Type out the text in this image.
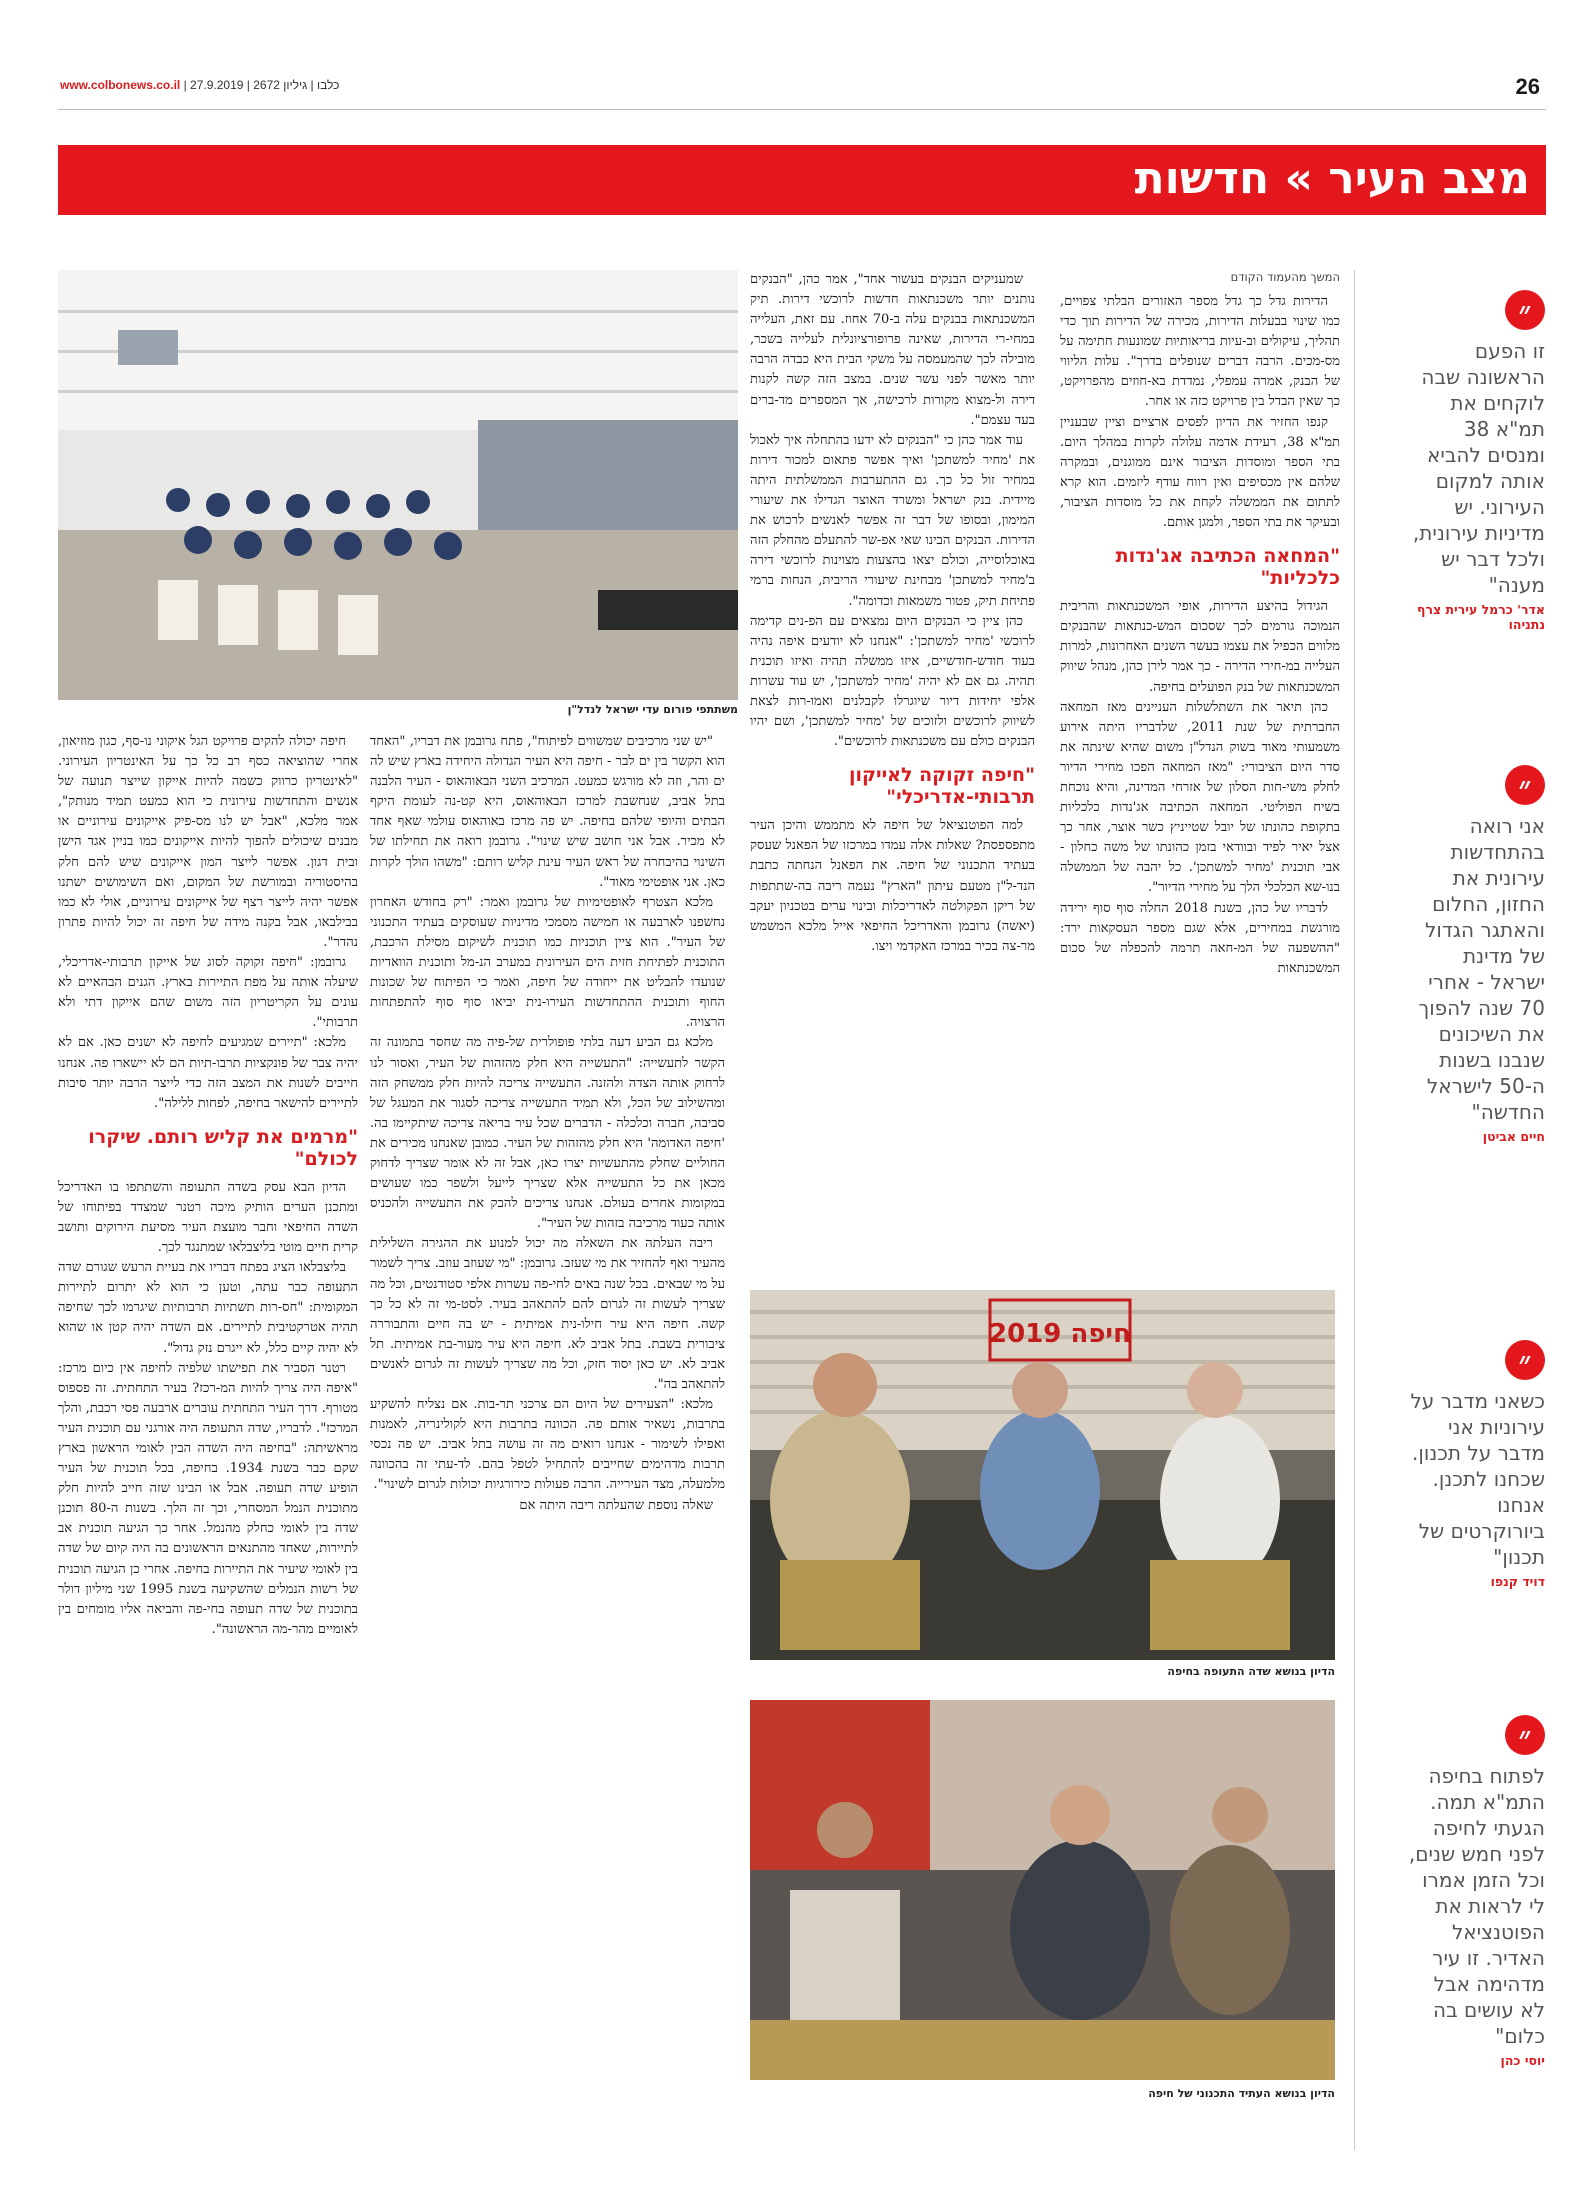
26
www.colbonews.co.il | כלבו | גיליון 2672 | 27.9.2019
מצב העיר » חדשות
״
זו הפעם הראשונה שבה לוקחים את תמ"א 38 ומנסים להביא אותה למקום העירוני. יש מדיניות עירונית, ולכל דבר יש מענה"
אדר' כרמל עירית צרף נתניהו
״
אני רואה בהתחדשות עירונית את החזון, החלום והאתגר הגדול של מדינת ישראל - אחרי 70 שנה להפוך את השיכונים שנבנו בשנות ה-50 לישראל החדשה"
חיים אביטן
״
כשאני מדבר על עירוניות אני מדבר על תכנון. שכחנו לתכנן. אנחנו ביורוקרטים של תכנון"
דויד קנפו
״
לפתוח בחיפה התמ"א תמה. הגעתי לחיפה לפני חמש שנים, וכל הזמן אמרו לי לראות את הפוטנציאל האדיר. זו עיר מדהימה אבל לא עושים בה כלום"
יוסי כהן
המשך מהעמוד הקודם

הדירות גדל כך גדל מספר האזורים הבלתי צפויים, כמו שינוי בבעלות הדירות, מכירה של הדירות תוך כדי תהליך, עיקולים וב-עיות בריאותיות שמונעות חתימה על מס-מכים. הרבה דברים שנופלים בדרך". עלות הליווי של הבנק, אמרה עמפלי, נמדדת בא-חוזים מהפרויקט, כך שאין הבדל בין פרויקט כזה או אחר.

קנפו החזיר את הדיון לפסים ארציים וציין שבעניין תמ"א 38, רעידת אדמה עלולה לקרות במהלך היום. בתי הספר ומוסדות הציבור אינם ממוגנים, ובמקרה שלהם אין מכסיפים ואין רווח עודף ליזמים. הוא קרא לתתום את הממשלה לקחת את כל מוסדות הציבור, ובעיקר את בתי הספר, ולמגן אותם.

"המחאה הכתיבה אג'נדות כלכליות"

הגידול בהיצע הדירות, אופי המשכנתאות והריבית הנמוכה גורמים לכך שסכום המש-כנתאות שהבנקים מלווים הכפיל את עצמו בעשר השנים האחרונות, למרות העלייה במ-חירי הדירה - כך אמר לירן כהן, מנהל שיווק המשכנתאות של בנק הפועלים בחיפה.

כהן תיאר את השתלשלות העניינים מאז המחאה החברתית של שנת 2011, שלדבריו היתה אירוע משמעותי מאוד בשוק הנדל"ן משום שהיא שינתה את סדר היום הציבורי: "מאז המחאה הפכו מחירי הדיור לחלק משי-חות הסלון של אזרחי המדינה, והיא נוכחת בשיח הפוליטי. המחאה הכתיבה אג'נדות כלכליות בתקופת כהונתו של יובל שטייניץ כשר אוצר, אחר כך אצל יאיר לפיד ובוודאי בזמן כהונתו של משה כחלון - אבי תוכנית 'מחיר למשתכן'. כל יהבה של הממשלה בנו-שא הכלכלי הלך על מחירי הדיור".

לדבריו של כהן, בשנת 2018 החלה סוף סוף ירידה מורגשת במחירים, אלא שגם מספר העסקאות ירד: "ההשפעה של המ-חאה תרמה להכפלה של סכום המשכנתאות

שמעניקים הבנקים בעשור אחד", אמר כהן, "הבנקים נותנים יותר משכנתאות חדשות לרוכשי דירות. תיק המשכנתאות בבנקים עלה ב-70 אחוז. עם זאת, העלייה במחי-רי הדירות, שאינה פרופורציונלית לעלייה בשכר, מובילה לכך שהמעמסה על משקי הבית היא כבדה הרבה יותר מאשר לפני עשר שנים. במצב הזה קשה לקנות דירה ול-מצוא מקורות לרכישה, אך המספרים מד-ברים בעד עצמם".

עוד אמר כהן כי "הבנקים לא ידעו בהתחלה איך לאכול את 'מחיר למשתכן' ואיך אפשר פתאום למכור דירות במחיר זול כל כך. גם ההתערבות הממשלתית היתה מיידית. בנק ישראל ומשרד האוצר הגדילו את שיעורי המימון, ובסופו של דבר זה אפשר לאנשים לרכוש את הדירות. הבנקים הבינו שאי אפ-שר להתעלם מהחלק הזה באוכלוסייה, וכולם יצאו בהצעות מצוינות לרוכשי דירה ב'מחיר למשתכן' מבחינת שיעורי הריבית, הנחות ברמי פתיחת תיק, פטור משמאות וכדומה".

כהן ציין כי הבנקים היום נמצאים עם הפ-נים קדימה לרוכשי 'מחיר למשתכן': "אנחנו לא יודעים איפה נהיה בעוד חודש-חודשיים, איזו ממשלה תהיה ואיזו תוכנית תהיה. גם אם לא יהיה 'מחיר למשתכן', יש עוד עשרות אלפי יחידות דיור שיוגרלו לקבלנים ואמו-רות לצאת לשיווק לרוכשים ולזוכים של 'מחיר למשתכן', ושם יהיו הבנקים כולם עם משכנתאות לרוכשים".

"חיפה זקוקה לאייקון תרבותי-אדריכלי"

למה הפוטנציאל של חיפה לא מתממש והיכן העיר מתפספסת? שאלות אלה עמדו במרכזו של הפאנל שעסק בעתיד התכנוני של חיפה. את הפאנל הנחתה כתבת הנד-ל"ן מטעם עיתון "הארץ" נעמה ריבה בה-שתתפות של ריקן הפקולטה לאדריכלות ובינוי ערים בטכניון יעקב (יאשה) גרובמן והאדריכל החיפאי אייל מלכא המשמש מר-צה בכיר במרכז האקדמי ויצו.

חיפה 2019
הדיון בנושא שדה התעופה בחיפה
הדיון בנושא העתיד התכנוני של חיפה
משתתפי פורום עדי ישראל לנדל"ן

"יש שני מרכיבים שמשווים לפיתוח", פתח גרובמן את דבריו, "האחד הוא הקשר בין ים לבר - חיפה היא העיר הגדולה היחידה בארץ שיש לה ים והר, וזה לא מורגש כמעט. המרכיב השני הבאוהאוס - העיר הלבנה בתל אביב, שנחשבת למרכז הבאוהאוס, היא קט-נה לעומת היקף הבתים והיופי שלהם בחיפה. יש פה מרכז באוהאוס עולמי שאף אחד לא מכיר. אבל אני חושב שיש שינוי". גרובמן רואה את תחילתו של השינוי בהיבחרה של ראש העיר עינת קליש רותם: "משהו הולך לקרות כאן. אני אופטימי מאוד".

מלכא הצטרף לאופטימיות של גרובמן ואמר: "רק בחודש האחרון נחשפנו לארבעה או חמישה מסמכי מדיניות שעוסקים בעתיד התכנוני של העיר". הוא ציין תוכניות כמו תוכנית לשיקום מסילת הרכבת, התוכנית לפתיחת חזית הים העירונית במערב הנ-מל ותוכנית הוואדיות שנועדו להבליט את ייחודה של חיפה, ואמר כי הפיתוח של שכונות החוף ותוכנית ההתחדשות העירו-נית יביאו סוף סוף להתפתחות הרצויה.

מלכא גם הביע דעה בלתי פופולרית של-פיה מה שחסר בתמונה זה הקשר לתעשייה: "התעשייה היא חלק מהזהות של העיר, ואסור לנו לרחוק אותה הצדה ולהזנה. התעשייה צריכה להיות חלק ממשחק הזה ומהשילוב של הכל, ולא תמיד התעשייה צריכה לסגור את המעגל של סביבה, חברה וכלכלה - הדברים שכל עיר בריאה צריכה שיתקיימו בה. 'חיפה האדומה' היא חלק מהזהות של העיר. כמובן שאנחנו מכירים את החוליים שחלק מהתעשיות יצרו כאן, אבל זה לא אומר שצריך לדחוק מכאן את כל התעשייה אלא שצריך לייעל ולשפר כמו שעושים במקומות אחרים בעולם. אנחנו צריכים להבק את התעשייה ולהכניס אותה כעוד מרכיבה בזהות של העיר".

ריבה העלתה את השאלה מה יכול למנוע את ההגירה השלילית מהעיר ואף להחזיר את מי שעזב. גרובמן: "מי שעוזב עוזב. צריך לשמור על מי שבאים. בכל שנה באים לחי-פה עשרות אלפי סטודנטים, וכל מה שצריך לעשות זה לגרום להם להתאהב בעיר. לסט-מי זה לא כל כך קשה. חיפה היא עיר חילו-נית אמיתית - יש בה חיים והתבוררה ציבורית בשבת. בתל אביב לא. חיפה היא עיר מעור-בת אמיתית. תל אביב לא. יש כאן יסוד חזק, וכל מה שצריך לעשות זה לגרום לאנשים להתאהב בה".

מלכא: "הצעירים של היום הם צרכני תר-בות. אם נצליח להשקיע בתרבות, נשאיר אותם פה. הכוונה בתרבות היא לקולינריה, לאמנות ואפילו לשימור - אנחנו רואים מה זה עושה בתל אביב. יש פה נכסי תרבות מדהימים שחייבים להתחיל לטפל בהם. לד-עתי זה בהכוונה מלמעלה, מצד העירייה. הרבה פעולות כירורגיות יכולות לגרום לשינוי".

שאלה נוספת שהעלתה ריבה היתה אם

חיפה יכולה להקים פרויקט הגל איקוני נו-סף, כגון מוזיאון, אחרי שהוציאה כסף רב כל כך על האינטריון העירוני. "לאינטריון כרווק כשמה להיות אייקון שייצר תנועה של אנשים והתחדשות עירונית כי הוא כמעט תמיד מנותק", אמר מלכא, "אבל יש לנו מס-פיק אייקונים עירוניים או מבנים שיכולים להפוך להיות אייקונים כמו בניין אגד הישן ובית דגון. אפשר לייצר המון אייקונים שיש להם חלק בהיסטוריה ובמורשת של המקום, ואם השימושים ישתנו אפשר יהיה לייצר רצף של אייקונים עירוניים, אולי לא כמו בבילבאו, אבל בקנה מידה של חיפה זה יכול להיות פתרון נהדר".

גרובמן: "חיפה זקוקה לסוג של אייקון תרבותי-אדריכלי, שיעלה אותה על מפת התיירות בארץ. הגנים הבהאיים לא עונים על הקריטריון הזה משום שהם אייקון דתי ולא תרבותי".

מלכא: "תיירים שמגיעים לחיפה לא ישנים כאן. אם לא יהיה צבר של פונקציות תרבו-תיות הם לא יישארו פה. אנחנו חייבים לשנות את המצב הזה כדי לייצר הרבה יותר סיבות לתיירים להישאר בחיפה, לפחות ללילה".

"מרמים את קליש רותם. שיקרו לכולם"

הדיון הבא עסק בשדה התעופה והשתתפו בו האדריכל ומתכנן הערים הותיק מיכה רטנר שמצדד בפיתוחו של השדה החיפאי וחבר מועצת העיר מסיעת הירוקים ותושב קרית חיים מוטי בליצבלאו שמתנגד לכך.

בליצבלאו הציג בפתח דבריו את בעיית הרעש שגורם שדה התעופה כבר עתה, וטען כי הוא לא יתרום לתיירות המקומית: "חס-רות תשתיות תרבותיות שיגרמו לכך שחיפה תהיה אטרקטיבית לתיירים. אם השדה יהיה קטן או שהוא לא יהיה קיים כלל, לא ייגרם נזק גדול".

רטנר הסביר את תפישתו שלפיה לחיפה אין כיום מרכז: "איפה היה צריך להיות המ-רכז? בעיר התחתית. זה פספוס מטורף. דרך העיר התחתית עוברים ארבעה פסי רכבת, והלך המרכז". לדבריו, שדה התעופה היה אורגני עם תוכנית העיר מראשיתה: "בחיפה היה השדה הבין לאומי הראשון בארץ שקם כבר בשנת 1934. בחיפה, בכל תוכנית של העיר הופיע שדה תעופה. אבל או הבינו שזה חייב להיות חלק מתוכנית הנמל המסחרי, וכך זה הלך. בשנות ה-80 תוכנן שדה בין לאומי כחלק מהנמל. אחר כך הגיעה תוכנית אב לתיירות, שאחד מהתנאים הראשונים בה היה קיום של שדה בין לאומי שיעיר את התיירות בחיפה. אחרי כן הגיעה תוכנית של רשות הנמלים שהשקיעה בשנת 1995 שני מיליון דולר בתוכנית של שדה תעופה בחי-פה והביאה אליו מומחים בין לאומיים מהר-מה הראשונה".
